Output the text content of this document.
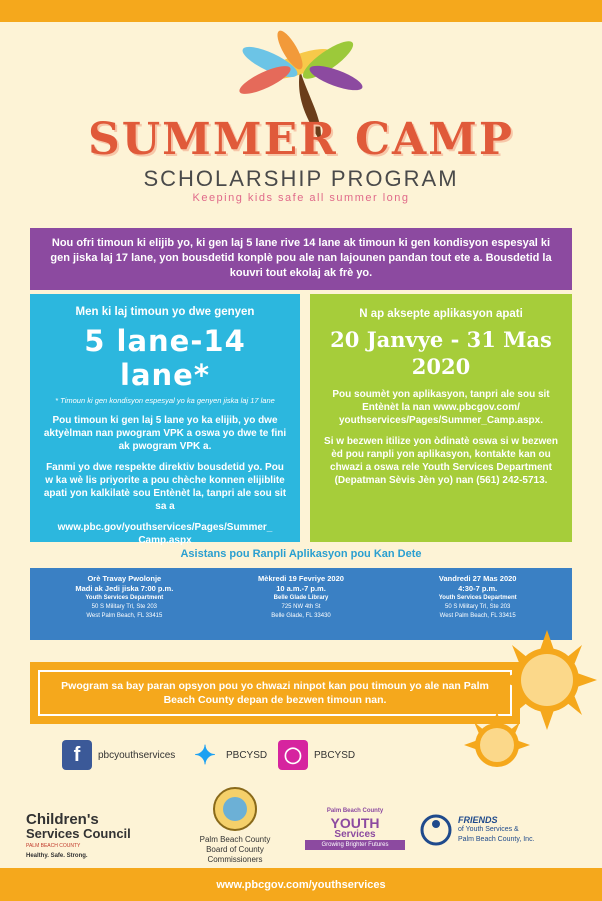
SUMMER CAMP
SCHOLARSHIP PROGRAM
Keeping kids safe all summer long
Nou ofri timoun ki elijib yo, ki gen laj 5 lane rive 14 lane ak timoun ki gen kondisyon espesyal ki gen jiska laj 17 lane, yon bousdetid konplè pou ale nan lajounen pandan tout ete a. Bousdetid la kouvri tout ekolaj ak frè yo.
Men ki laj timoun yo dwe genyen
5 lane-14 lane*
* Timoun ki gen kondisyon espesyal yo ka genyen jiska laj 17 lane

Pou timoun ki gen laj 5 lane yo ka elijib, yo dwe aktyèlman nan pwogram VPK a oswa yo dwe te fini ak pwogram VPK a.

Fanmi yo dwe respekte direktiv bousdetid yo. Pou w ka wè lis priyorite a pou chèche konnen elijiblite apati yon kalkilatè sou Entènèt la, tanpri ale sou sit sa a

www.pbc.gov/youthservices/Pages/Summer_ Camp.aspx

N ap aksepte aplikasyon apati
20 Janvye - 31 Mas 2020

Pou soumèt yon aplikasyon, tanpri ale sou sit Entènèt la nan www.pbcgov.com/ youthservices/Pages/Summer_Camp.aspx.

Si w bezwen itilize yon òdinatè oswa si w bezwen èd pou ranpli yon aplikasyon, kontakte kan ou chwazi a oswa rele Youth Services Department (Depatman Sèvis Jèn yo) nan (561) 242-5713.

Asistans pou Ranpli Aplikasyon pou Kan Dete
Orè Travay Pwolonje
Madi ak Jedi jiska 7:00 p.m.
Youth Services Department
50 S Military Trl, Ste 203
West Palm Beach, FL 33415
Mèkredi 19 Fevriye 2020
10 a.m.-7 p.m.
Belle Glade Library
725 NW 4th St
Belle Glade, FL 33430
Vandredi 27 Mas 2020
4:30-7 p.m.
Youth Services Department
50 S Military Trl, Ste 203
West Palm Beach, FL 33415
Pwogram sa bay paran opsyon pou yo chwazi ninpot kan pou timoun yo ale nan Palm Beach County depan de bezwen timoun nan.
f	pbcyouthservices ✦	PBCYSD	◯	PBCYSD
Children's
Services Council
PALM BEACH COUNTY
Healthy. Safe. Strong.
Palm Beach County
Board of County Commissioners
Palm Beach County
YOUTH
Services
Growing Brighter Futures
FRIENDS
of Youth Services &
Palm Beach County, Inc.
www.pbcgov.com/youthservices
